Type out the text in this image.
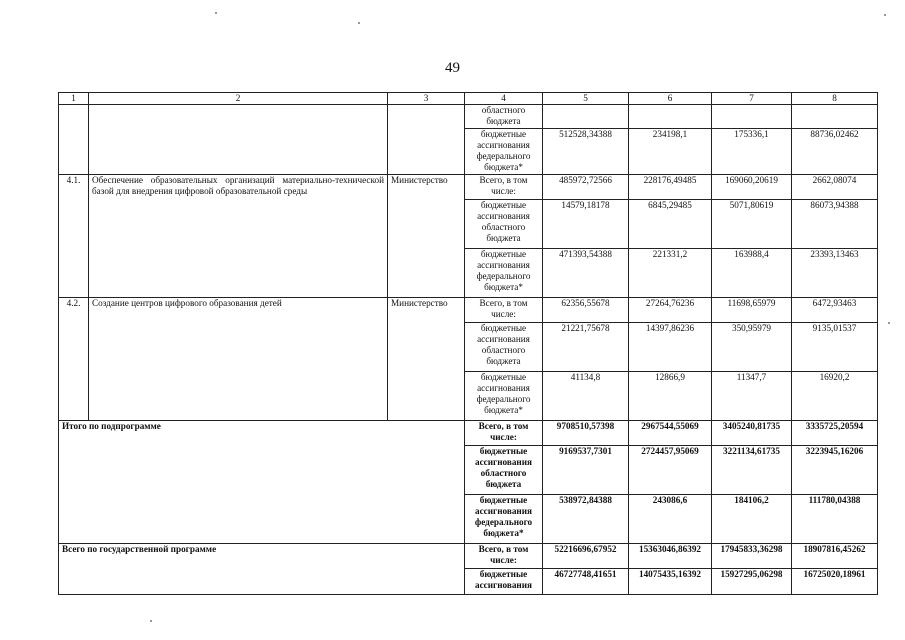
49
1	2	3	4	5	6	7	8
			областного бюджета				
			бюджетные ассигнования федерального бюджета*	512528,34388	234198,1	175336,1	88736,02462
4.1.	Обеспечение образовательных организаций материально-технической базой для внедрения цифровой образовательной среды	Министерство	Всего, в том числе:	485972,72566	228176,49485	169060,20619	2662,08074
			бюджетные ассигнования областного бюджета	14579,18178	6845,29485	5071,80619	86073,94388
			бюджетные ассигнования федерального бюджета*	471393,54388	221331,2	163988,4	23393,13463
4.2.	Создание центров цифрового образования детей	Министерство	Всего, в том числе:	62356,55678	27264,76236	11698,65979	6472,93463
			бюджетные ассигнования областного бюджета	21221,75678	14397,86236	350,95979	9135,01537
			бюджетные ассигнования федерального бюджета*	41134,8	12866,9	11347,7	16920,2
Итого по подпрограмме			Всего, в том числе:	9708510,57398	2967544,55069	3405240,81735	3335725,20594
			бюджетные ассигнования областного бюджета	9169537,7301	2724457,95069	3221134,61735	3223945,16206
			бюджетные ассигнования федерального бюджета*	538972,84388	243086,6	184106,2	111780,04388
Всего по государственной программе			Всего, в том числе:	52216696,67952	15363046,86392	17945833,36298	18907816,45262
			бюджетные ассигнования	46727748,41651	14075435,16392	15927295,06298	16725020,18961
